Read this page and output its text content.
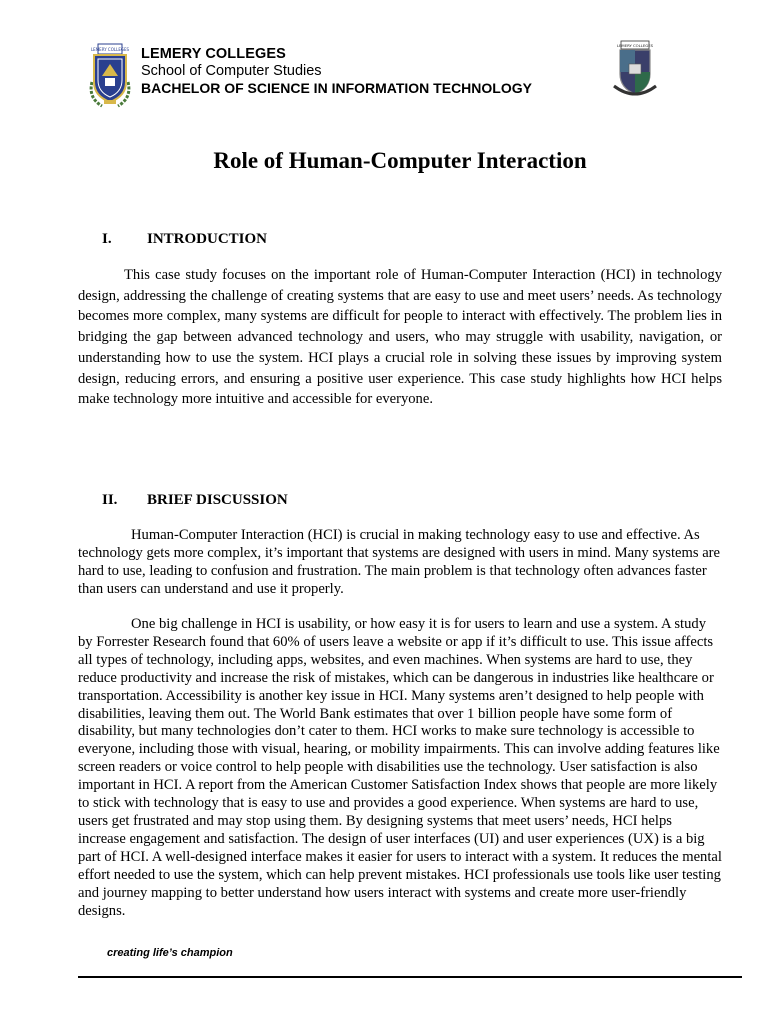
LEMERY COLLEGES LEMERY COLLEGES
School of Computer Studies
BACHELOR OF SCIENCE IN INFORMATION TECHNOLOGY
LEMERY COLLEGES
Role of Human-Computer Interaction
I. INTRODUCTION

This case study focuses on the important role of Human-Computer Interaction (HCI) in technology design, addressing the challenge of creating systems that are easy to use and meet users’ needs. As technology becomes more complex, many systems are difficult for people to interact with effectively. The problem lies in bridging the gap between advanced technology and users, who may struggle with usability, navigation, or understanding how to use the system. HCI plays a crucial role in solving these issues by improving system design, reducing errors, and ensuring a positive user experience. This case study highlights how HCI helps make technology more intuitive and accessible for everyone.

II. BRIEF DISCUSSION

Human-Computer Interaction (HCI) is crucial in making technology easy to use and effective. As technology gets more complex, it’s important that systems are designed with users in mind. Many systems are hard to use, leading to confusion and frustration. The main problem is that technology often advances faster than users can understand and use it properly.

One big challenge in HCI is usability, or how easy it is for users to learn and use a system. A study by Forrester Research found that 60% of users leave a website or app if it’s difficult to use. This issue affects all types of technology, including apps, websites, and even machines. When systems are hard to use, they reduce productivity and increase the risk of mistakes, which can be dangerous in industries like healthcare or transportation. Accessibility is another key issue in HCI. Many systems aren’t designed to help people with disabilities, leaving them out. The World Bank estimates that over 1 billion people have some form of disability, but many technologies don’t cater to them. HCI works to make sure technology is accessible to everyone, including those with visual, hearing, or mobility impairments. This can involve adding features like screen readers or voice control to help people with disabilities use the technology. User satisfaction is also important in HCI. A report from the American Customer Satisfaction Index shows that people are more likely to stick with technology that is easy to use and provides a good experience. When systems are hard to use, users get frustrated and may stop using them. By designing systems that meet users’ needs, HCI helps increase engagement and satisfaction. The design of user interfaces (UI) and user experiences (UX) is a big part of HCI. A well-designed interface makes it easier for users to interact with a system. It reduces the mental effort needed to use the system, which can help prevent mistakes. HCI professionals use tools like user testing and journey mapping to better understand how users interact with systems and create more user-friendly designs.

creating life’s champion
